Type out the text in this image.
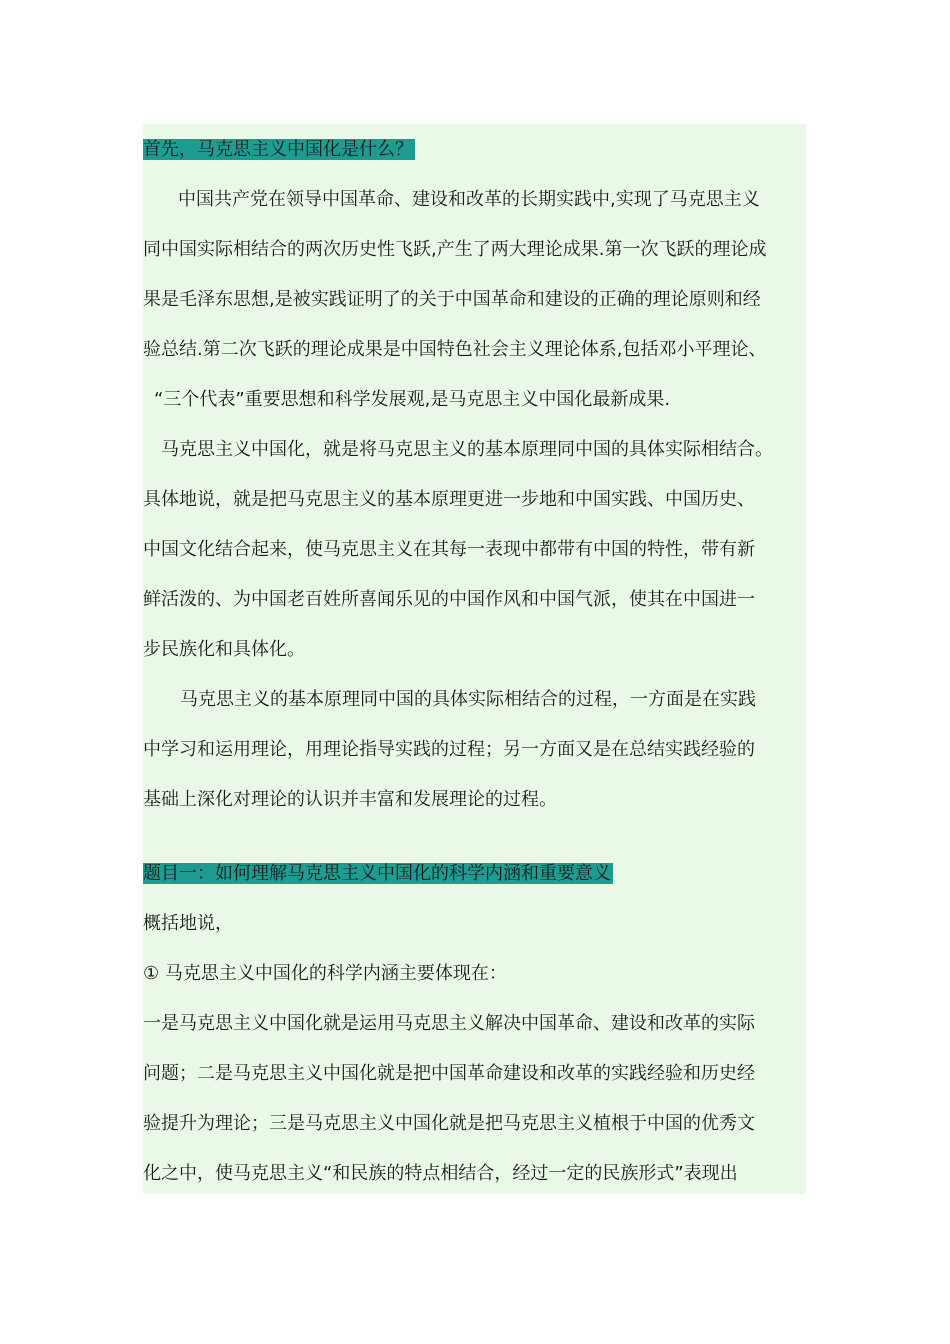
首先，马克思主义中国化是什么？
中国共产党在领导中国革命、建设和改革的长期实践中,实现了马克思主义
同中国实际相结合的两次历史性飞跃,产生了两大理论成果.第一次飞跃的理论成
果是毛泽东思想,是被实践证明了的关于中国革命和建设的正确的理论原则和经
验总结.第二次飞跃的理论成果是中国特色社会主义理论体系,包括邓小平理论、
“三个代表”重要思想和科学发展观,是马克思主义中国化最新成果.
马克思主义中国化，就是将马克思主义的基本原理同中国的具体实际相结合。
具体地说，就是把马克思主义的基本原理更进一步地和中国实践、中国历史、
中国文化结合起来，使马克思主义在其每一表现中都带有中国的特性，带有新
鲜活泼的、为中国老百姓所喜闻乐见的中国作风和中国气派，使其在中国进一
步民族化和具体化。
马克思主义的基本原理同中国的具体实际相结合的过程，一方面是在实践
中学习和运用理论，用理论指导实践的过程；另一方面又是在总结实践经验的
基础上深化对理论的认识并丰富和发展理论的过程。
题目一：如何理解马克思主义中国化的科学内涵和重要意义
概括地说，
① 马克思主义中国化的科学内涵主要体现在：
一是马克思主义中国化就是运用马克思主义解决中国革命、建设和改革的实际
问题；二是马克思主义中国化就是把中国革命建设和改革的实践经验和历史经
验提升为理论；三是马克思主义中国化就是把马克思主义植根于中国的优秀文
化之中，使马克思主义“和民族的特点相结合，经过一定的民族形式”表现出
